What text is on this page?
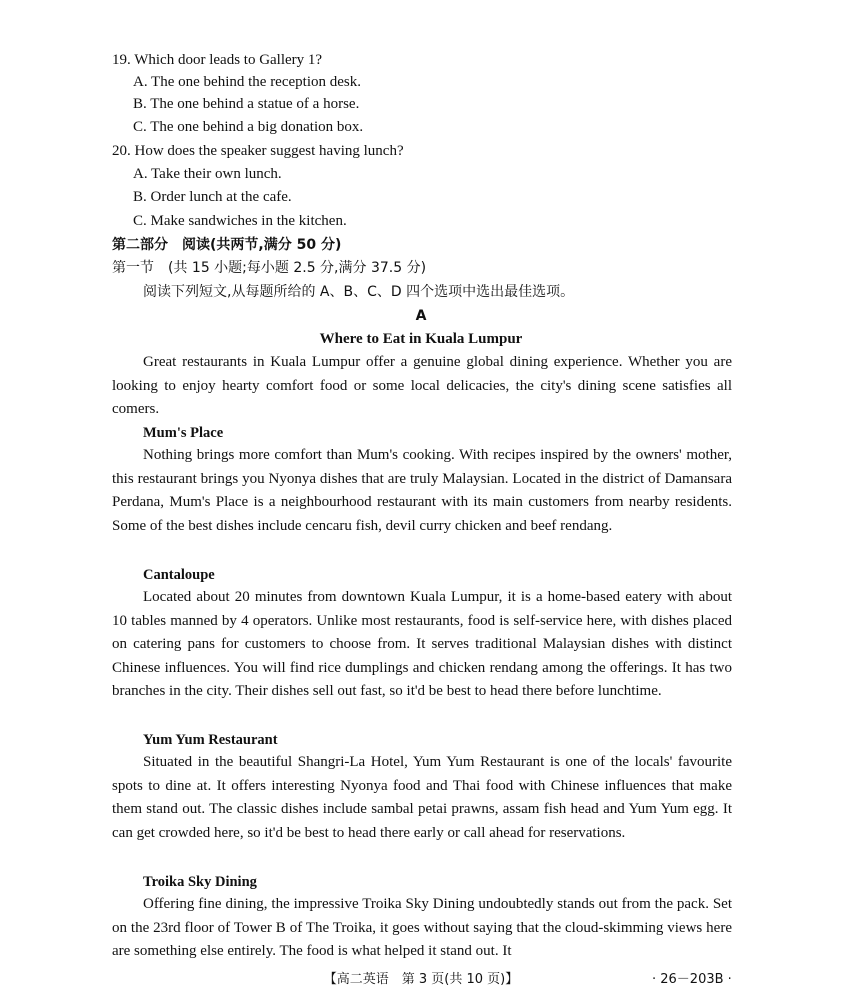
19. Which door leads to Gallery 1?
A. The one behind the reception desk.
B. The one behind a statue of a horse.
C. The one behind a big donation box.
20. How does the speaker suggest having lunch?
A. Take their own lunch.
B. Order lunch at the cafe.
C. Make sandwiches in the kitchen.
第二部分　阅读(共两节,满分 50 分)
第一节　(共 15 小题;每小题 2.5 分,满分 37.5 分)
阅读下列短文,从每题所给的 A、B、C、D 四个选项中选出最佳选项。
A
Where to Eat in Kuala Lumpur
Great restaurants in Kuala Lumpur offer a genuine global dining experience. Whether you are looking to enjoy hearty comfort food or some local delicacies, the city's dining scene satisfies all comers.
Mum's Place
Nothing brings more comfort than Mum's cooking. With recipes inspired by the owners' mother, this restaurant brings you Nyonya dishes that are truly Malaysian. Located in the district of Damansara Perdana, Mum's Place is a neighbourhood restaurant with its main customers from nearby residents. Some of the best dishes include cencaru fish, devil curry chicken and beef rendang.
Cantaloupe
Located about 20 minutes from downtown Kuala Lumpur, it is a home-based eatery with about 10 tables manned by 4 operators. Unlike most restaurants, food is self-service here, with dishes placed on catering pans for customers to choose from. It serves traditional Malaysian dishes with distinct Chinese influences. You will find rice dumplings and chicken rendang among the offerings. It has two branches in the city. Their dishes sell out fast, so it'd be best to head there before lunchtime.
Yum Yum Restaurant
Situated in the beautiful Shangri-La Hotel, Yum Yum Restaurant is one of the locals' favourite spots to dine at. It offers interesting Nyonya food and Thai food with Chinese influences that make them stand out. The classic dishes include sambal petai prawns, assam fish head and Yum Yum egg. It can get crowded here, so it'd be best to head there early or call ahead for reservations.
Troika Sky Dining
Offering fine dining, the impressive Troika Sky Dining undoubtedly stands out from the pack. Set on the 23rd floor of Tower B of The Troika, it goes without saying that the cloud-skimming views here are something else entirely. The food is what helped it stand out. It
【高二英语　第 3 页(共 10 页)】	· 26－203B ·
